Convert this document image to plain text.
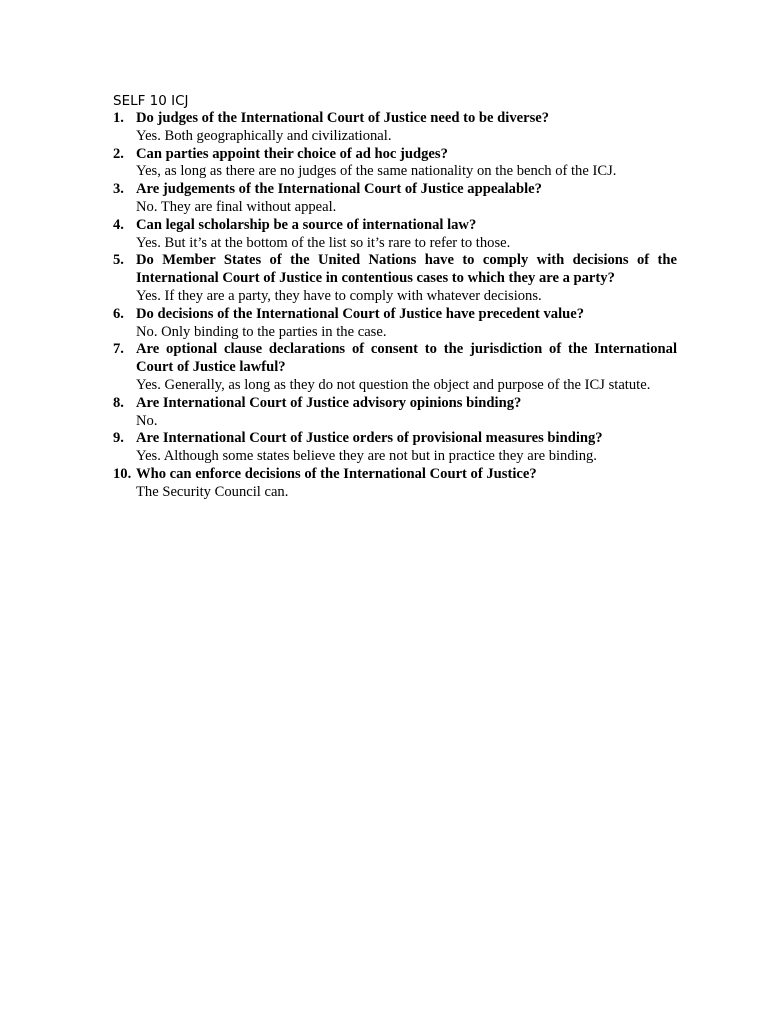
SELF 10 ICJ
1. Do judges of the International Court of Justice need to be diverse?
Yes. Both geographically and civilizational.
2. Can parties appoint their choice of ad hoc judges?
Yes, as long as there are no judges of the same nationality on the bench of the ICJ.
3. Are judgements of the International Court of Justice appealable?
No. They are final without appeal.
4. Can legal scholarship be a source of international law?
Yes. But it’s at the bottom of the list so it’s rare to refer to those.
5. Do Member States of the United Nations have to comply with decisions of the International Court of Justice in contentious cases to which they are a party?
Yes. If they are a party, they have to comply with whatever decisions.
6. Do decisions of the International Court of Justice have precedent value?
No. Only binding to the parties in the case.
7. Are optional clause declarations of consent to the jurisdiction of the International Court of Justice lawful?
Yes. Generally, as long as they do not question the object and purpose of the ICJ statute.
8. Are International Court of Justice advisory opinions binding?
No.
9. Are International Court of Justice orders of provisional measures binding?
Yes. Although some states believe they are not but in practice they are binding.
10. Who can enforce decisions of the International Court of Justice?
The Security Council can.
